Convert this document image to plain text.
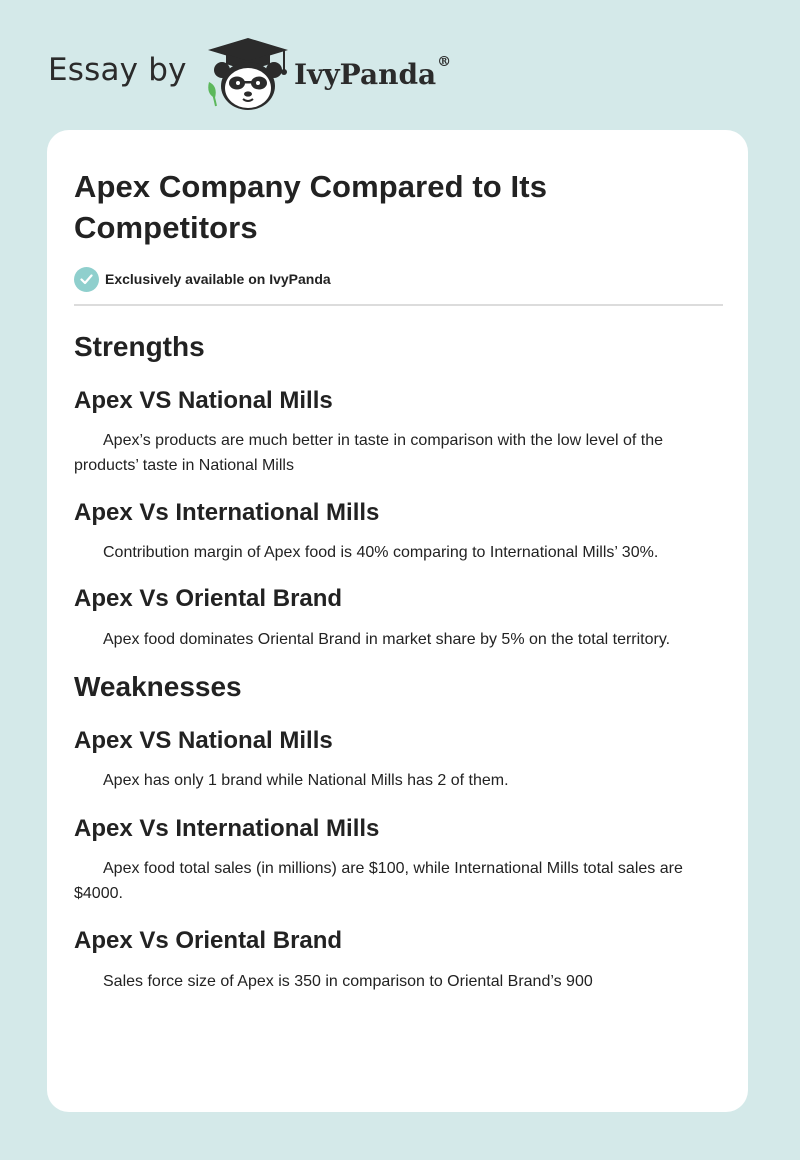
Essay by	IvyPanda®
Apex Company Compared to Its Competitors
Exclusively available on IvyPanda
Strengths
Apex VS National Mills

Apex’s products are much better in taste in comparison with the low level of the products’ taste in National Mills

Apex Vs International Mills

Contribution margin of Apex food is 40% comparing to International Mills’ 30%.

Apex Vs Oriental Brand

Apex food dominates Oriental Brand in market share by 5% on the total territory.

Weaknesses
Apex VS National Mills

Apex has only 1 brand while National Mills has 2 of them.

Apex Vs International Mills

Apex food total sales (in millions) are $100, while International Mills total sales are $4000.

Apex Vs Oriental Brand

Sales force size of Apex is 350 in comparison to Oriental Brand’s 900
